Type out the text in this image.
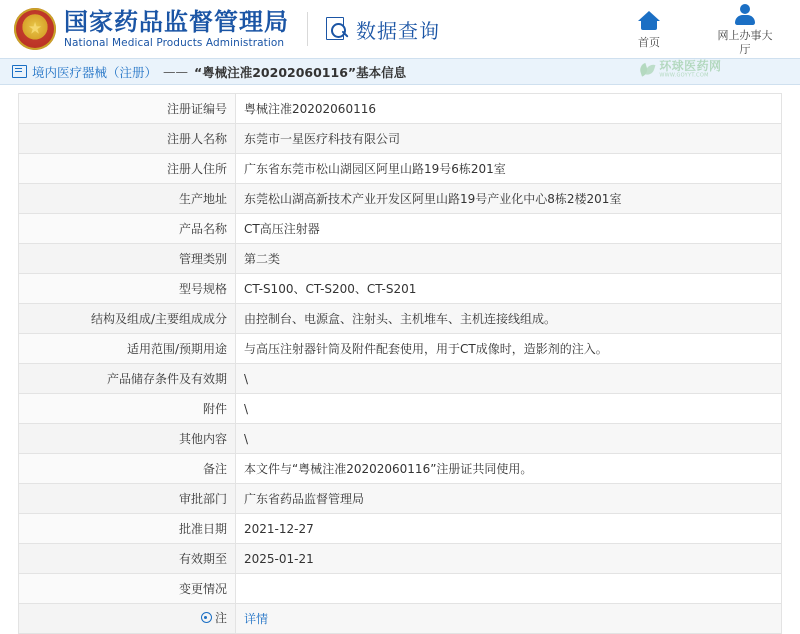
★
国家药品监督管理局
National Medical Products Administration
数据查询	首页
网上办事大厅
境内医疗器械（注册） —— “粤械注准20202060116”基本信息	环球医药网
WWW.GOYYT.COM
注册证编号	粤械注准20202060116
注册人名称	东莞市一星医疗科技有限公司
注册人住所	广东省东莞市松山湖园区阿里山路19号6栋201室
生产地址	东莞松山湖高新技术产业开发区阿里山路19号产业化中心8栋2楼201室
产品名称	CT高压注射器
管理类别	第二类
型号规格	CT-S100、CT-S200、CT-S201
结构及组成/主要组成成分	由控制台、电源盒、注射头、主机堆车、主机连接线组成。
适用范围/预期用途	与高压注射器针筒及附件配套使用，用于CT成像时，造影剂的注入。
产品储存条件及有效期	\
附件	\
其他内容	\
备注	本文件与“粤械注准20202060116”注册证共同使用。
审批部门	广东省药品监督管理局
批准日期	2021-12-27
有效期至	2025-01-21
变更情况	

注	详情
